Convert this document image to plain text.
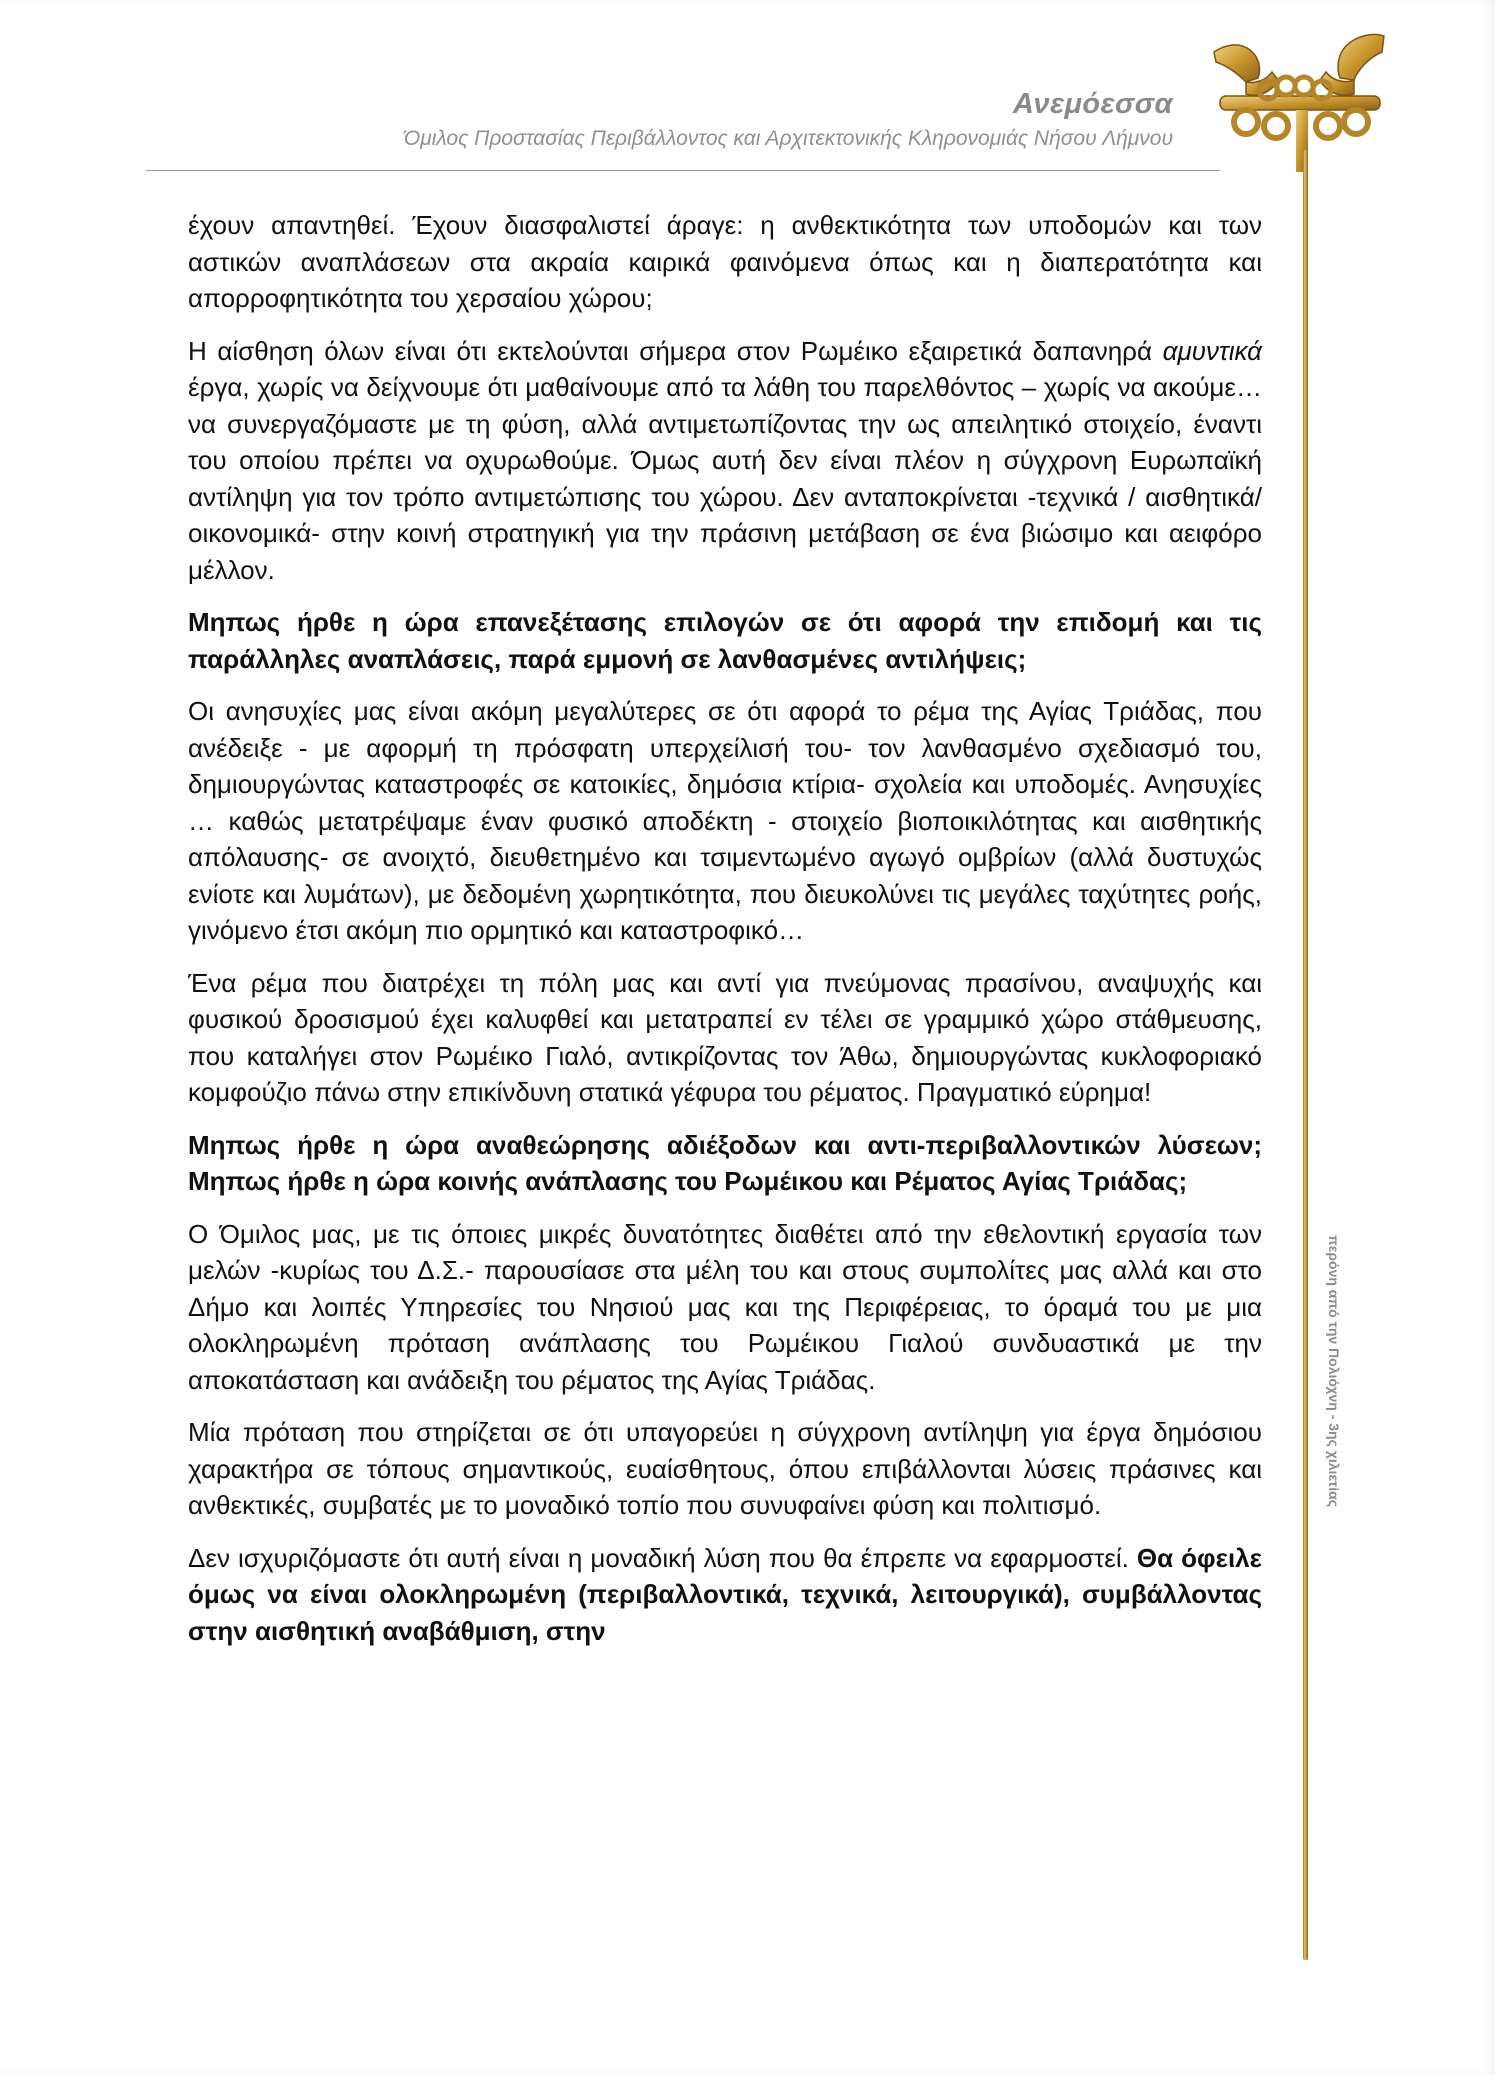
Ανεμόεσσα
Όμιλος Προστασίας Περιβάλλοντος και Αρχιτεκτονικής Κληρονομιάς Νήσου Λήμνου
περόνη από την Πολιόχνη - 3ης χιλιετίας

έχουν απαντηθεί. Έχουν διασφαλιστεί άραγε: η ανθεκτικότητα των υποδομών και των αστικών αναπλάσεων στα ακραία καιρικά φαινόμενα όπως και η διαπερατότητα και απορροφητικότητα του χερσαίου χώρου;

Η αίσθηση όλων είναι ότι εκτελούνται σήμερα στον Ρωμέικο εξαιρετικά δαπανηρά αμυντικά έργα, χωρίς να δείχνουμε ότι μαθαίνουμε από τα λάθη του παρελθόντος – χωρίς να ακούμε… να συνεργαζόμαστε με τη φύση, αλλά αντιμετωπίζοντας την ως απειλητικό στοιχείο, έναντι του οποίου πρέπει να οχυρωθούμε. Όμως αυτή δεν είναι πλέον η σύγχρονη Ευρωπαϊκή αντίληψη για τον τρόπο αντιμετώπισης του χώρου. Δεν ανταποκρίνεται -τεχνικά / αισθητικά/ οικονομικά- στην κοινή στρατηγική για την πράσινη μετάβαση σε ένα βιώσιμο και αειφόρο μέλλον.

Μηπως ήρθε η ώρα επανεξέτασης επιλογών σε ότι αφορά την επιδομή και τις παράλληλες αναπλάσεις, παρά εμμονή σε λανθασμένες αντιλήψεις;

Οι ανησυχίες μας είναι ακόμη μεγαλύτερες σε ότι αφορά το ρέμα της Αγίας Τριάδας, που ανέδειξε - με αφορμή τη πρόσφατη υπερχείλισή του- τον λανθασμένο σχεδιασμό του, δημιουργώντας καταστροφές σε κατοικίες, δημόσια κτίρια- σχολεία και υποδομές. Ανησυχίες … καθώς μετατρέψαμε έναν φυσικό αποδέκτη - στοιχείο βιοποικιλότητας και αισθητικής απόλαυσης- σε ανοιχτό, διευθετημένο και τσιμεντωμένο αγωγό ομβρίων (αλλά δυστυχώς ενίοτε και λυμάτων), με δεδομένη χωρητικότητα, που διευκολύνει τις μεγάλες ταχύτητες ροής, γινόμενο έτσι ακόμη πιο ορμητικό και καταστροφικό…

Ένα ρέμα που διατρέχει τη πόλη μας και αντί για πνεύμονας πρασίνου, αναψυχής και φυσικού δροσισμού έχει καλυφθεί και μετατραπεί εν τέλει σε γραμμικό χώρο στάθμευσης, που καταλήγει στον Ρωμέικο Γιαλό, αντικρίζοντας τον Άθω, δημιουργώντας κυκλοφοριακό κομφούζιο πάνω στην επικίνδυνη στατικά γέφυρα του ρέματος. Πραγματικό εύρημα!

Μηπως ήρθε η ώρα αναθεώρησης αδιέξοδων και αντι-περιβαλλοντικών λύσεων; Μηπως ήρθε η ώρα κοινής ανάπλασης του Ρωμέικου και Ρέματος Αγίας Τριάδας;

Ο Όμιλος μας, με τις όποιες μικρές δυνατότητες διαθέτει από την εθελοντική εργασία των μελών -κυρίως του Δ.Σ.- παρουσίασε στα μέλη του και στους συμπολίτες μας αλλά και στο Δήμο και λοιπές Υπηρεσίες του Νησιού μας και της Περιφέρειας, το όραμά του με μια ολοκληρωμένη πρόταση ανάπλασης του Ρωμέικου Γιαλού συνδυαστικά με την αποκατάσταση και ανάδειξη του ρέματος της Αγίας Τριάδας.

Μία πρόταση που στηρίζεται σε ότι υπαγορεύει η σύγχρονη αντίληψη για έργα δημόσιου χαρακτήρα σε τόπους σημαντικούς, ευαίσθητους, όπου επιβάλλονται λύσεις πράσινες και ανθεκτικές, συμβατές με το μοναδικό τοπίο που συνυφαίνει φύση και πολιτισμό.

Δεν ισχυριζόμαστε ότι αυτή είναι η μοναδική λύση που θα έπρεπε να εφαρμοστεί. Θα όφειλε όμως να είναι ολοκληρωμένη (περιβαλλοντικά, τεχνικά, λειτουργικά), συμβάλλοντας στην αισθητική αναβάθμιση, στην
